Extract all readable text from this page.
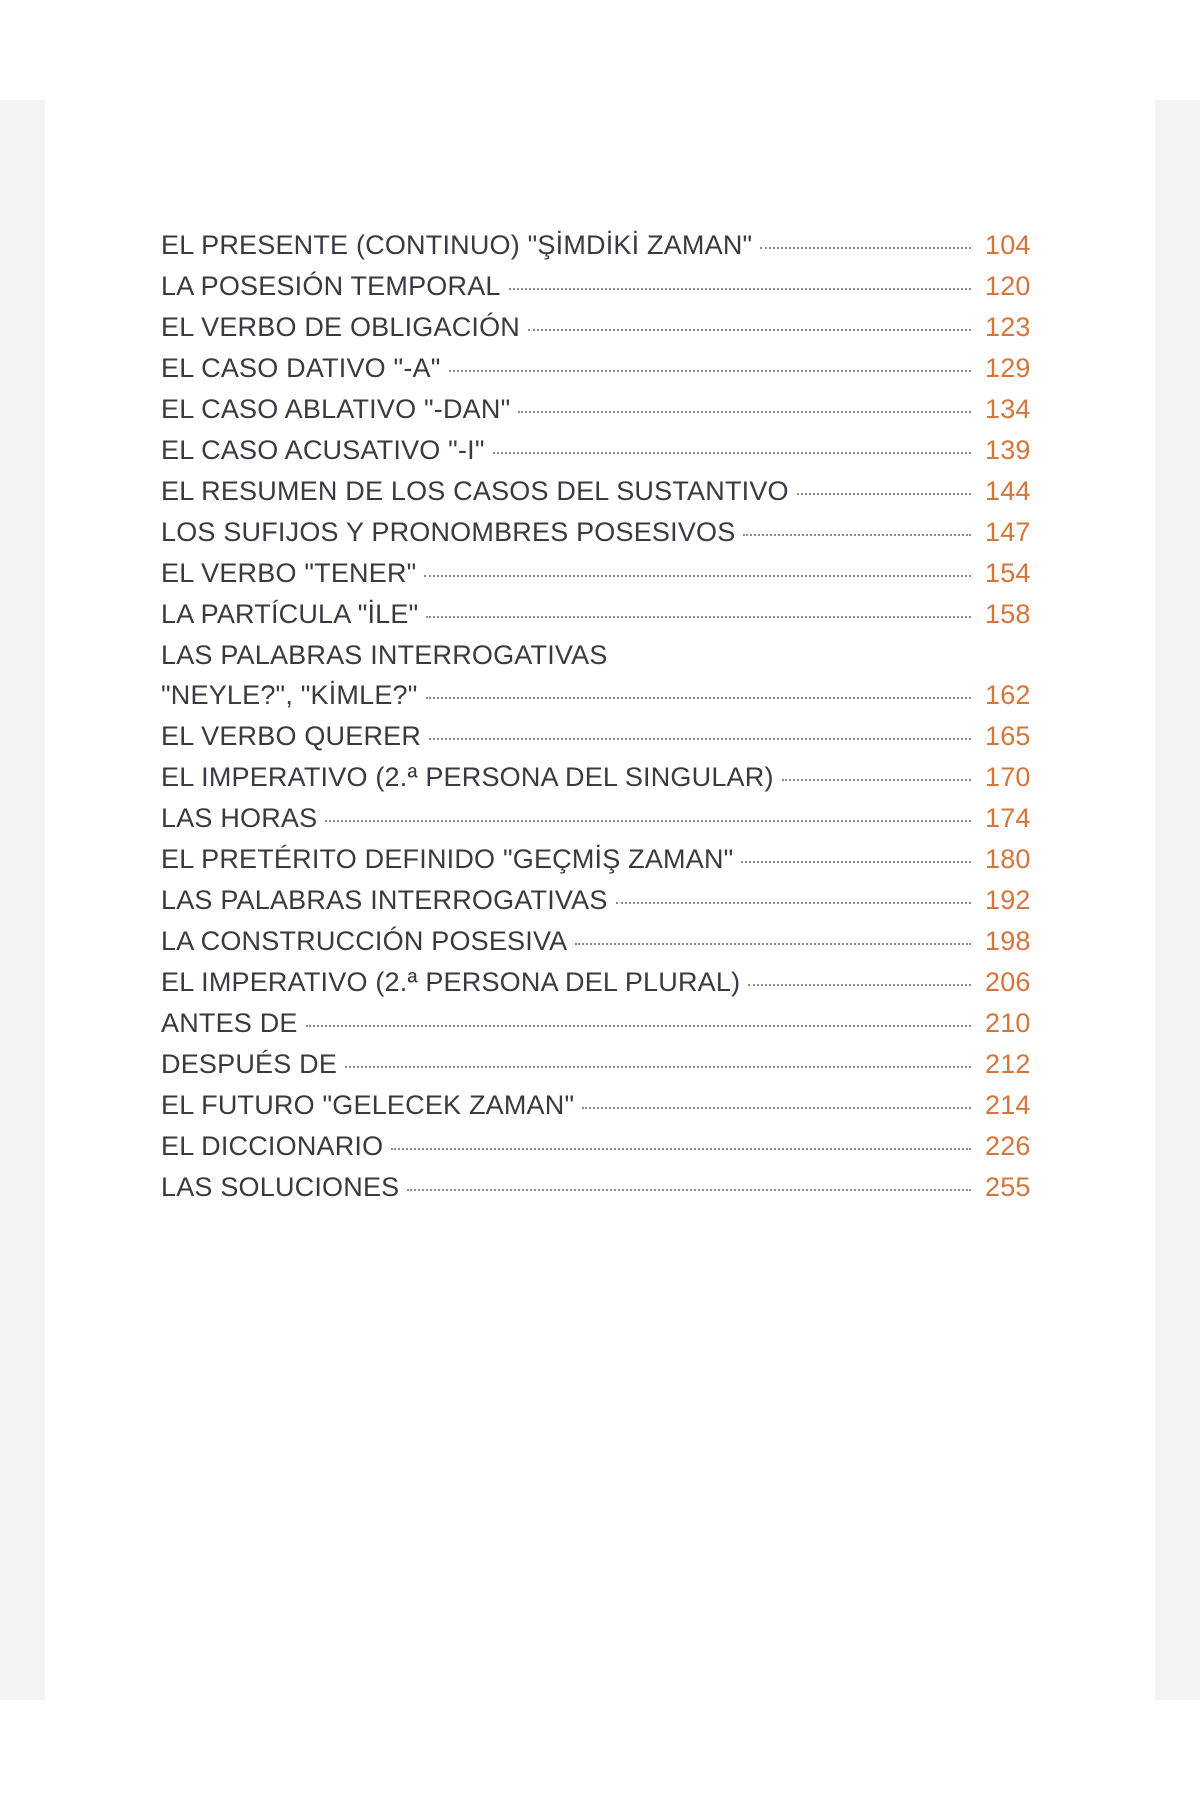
EL PRESENTE (CONTINUO) "ŞİMDİKİ ZAMAN"	104
LA POSESIÓN TEMPORAL	120
EL VERBO DE OBLIGACIÓN	123
EL CASO DATIVO "-A"	129
EL CASO ABLATIVO "-DAN"	134
EL CASO ACUSATIVO "-I"	139
EL RESUMEN DE LOS CASOS DEL SUSTANTIVO	144
LOS SUFIJOS Y PRONOMBRES POSESIVOS	147
EL VERBO "TENER"	154
LA PARTÍCULA "İLE"	158
LAS PALABRAS INTERROGATIVAS
"NEYLE?", "KİMLE?"	162
EL VERBO QUERER	165
EL IMPERATIVO (2.ª PERSONA DEL SINGULAR)	170
LAS HORAS	174
EL PRETÉRITO DEFINIDO "GEÇMİŞ ZAMAN"	180
LAS PALABRAS INTERROGATIVAS	192
LA CONSTRUCCIÓN POSESIVA	198
EL IMPERATIVO (2.ª PERSONA DEL PLURAL)	206
ANTES DE	210
DESPUÉS DE	212
EL FUTURO "GELECEK ZAMAN"	214
EL DICCIONARIO	226
LAS SOLUCIONES	255
